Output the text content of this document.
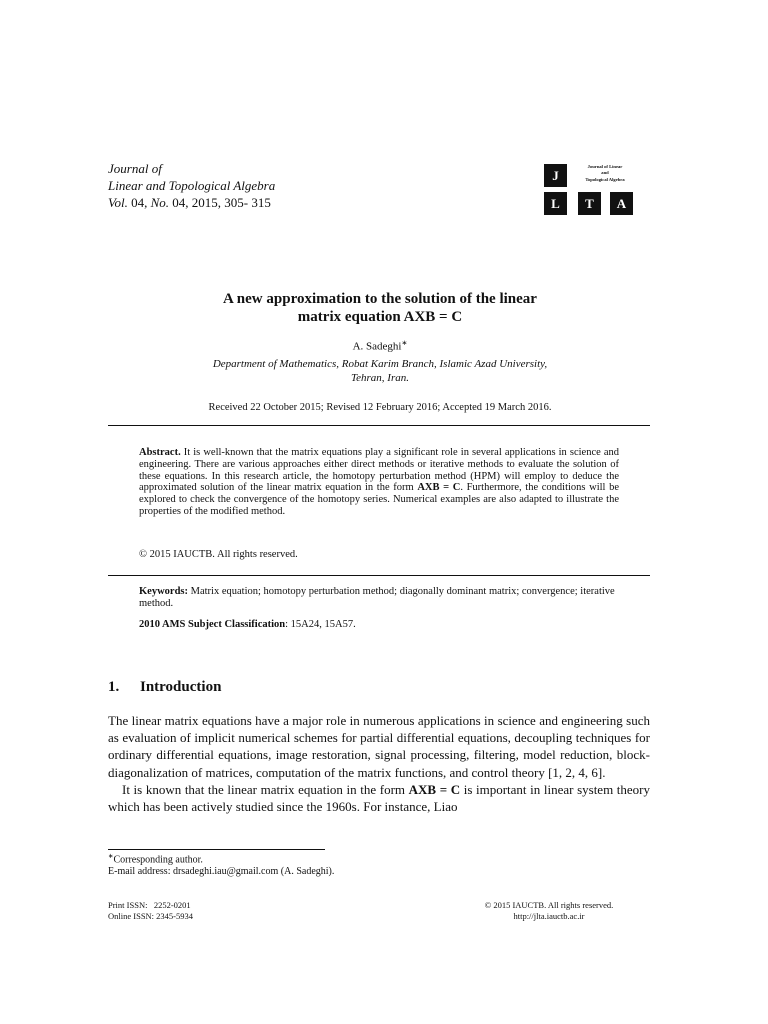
Journal of
Linear and Topological Algebra
Vol. 04, No. 04, 2015, 305- 315
J
Journal of Linear
and
Topological Algebra
L	T	A
A new approximation to the solution of the linear
matrix equation AXB = C
A. Sadeghi∗
Department of Mathematics, Robat Karim Branch, Islamic Azad University,
Tehran, Iran.
Received 22 October 2015; Revised 12 February 2016; Accepted 19 March 2016.
Abstract. It is well-known that the matrix equations play a significant role in several applications in science and engineering. There are various approaches either direct methods or iterative methods to evaluate the solution of these equations. In this research article, the homotopy perturbation method (HPM) will employ to deduce the approximated solution of the linear matrix equation in the form AXB = C. Furthermore, the conditions will be explored to check the convergence of the homotopy series. Numerical examples are also adapted to illustrate the properties of the modified method.
© 2015 IAUCTB. All rights reserved.
Keywords: Matrix equation; homotopy perturbation method; diagonally dominant matrix; convergence; iterative method.
2010 AMS Subject Classification: 15A24, 15A57.
1. Introduction

The linear matrix equations have a major role in numerous applications in science and engineering such as evaluation of implicit numerical schemes for partial differential equations, decoupling techniques for ordinary differential equations, image restoration, signal processing, filtering, model reduction, block-diagonalization of matrices, computation of the matrix functions, and control theory [1, 2, 4, 6].

It is known that the linear matrix equation in the form AXB = C is important in linear system theory which has been actively studied since the 1960s. For instance, Liao

∗Corresponding author.
E-mail address: drsadeghi.iau@gmail.com (A. Sadeghi).
Print ISSN:   2252-0201
Online ISSN: 2345-5934
© 2015 IAUCTB. All rights reserved.
http://jlta.iauctb.ac.ir
